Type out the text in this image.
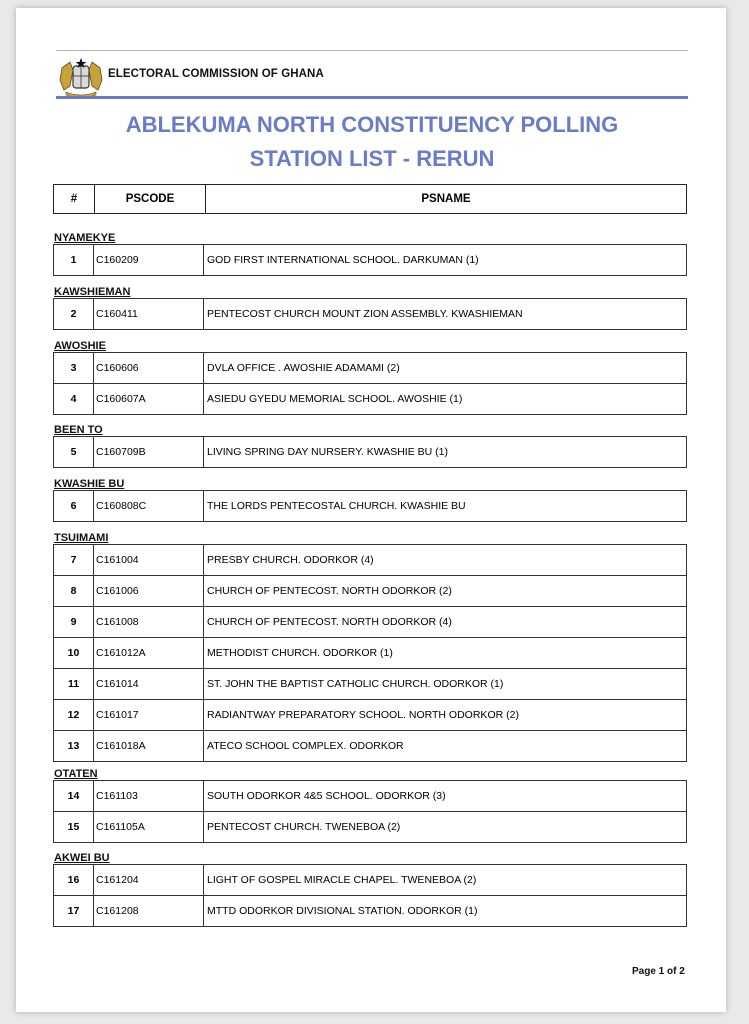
ELECTORAL COMMISSION OF GHANA
ABLEKUMA NORTH CONSTITUENCY POLLING
STATION LIST - RERUN
#	PSCODE	PSNAME
NYAMEKYE
1	C160209	GOD FIRST INTERNATIONAL SCHOOL. DARKUMAN (1)
KAWSHIEMAN
2	C160411	PENTECOST CHURCH MOUNT ZION ASSEMBLY. KWASHIEMAN
AWOSHIE
3	C160606	DVLA OFFICE . AWOSHIE ADAMAMI (2)
4	C160607A	ASIEDU GYEDU MEMORIAL SCHOOL. AWOSHIE (1)
BEEN TO
5	C160709B	LIVING SPRING DAY NURSERY. KWASHIE BU (1)
KWASHIE BU
6	C160808C	THE LORDS PENTECOSTAL CHURCH. KWASHIE BU
TSUIMAMI
7	C161004	PRESBY CHURCH. ODORKOR (4)
8	C161006	CHURCH OF PENTECOST. NORTH ODORKOR (2)
9	C161008	CHURCH OF PENTECOST. NORTH ODORKOR (4)
10	C161012A	METHODIST CHURCH. ODORKOR (1)
11	C161014	ST. JOHN THE BAPTIST CATHOLIC CHURCH. ODORKOR (1)
12	C161017	RADIANTWAY PREPARATORY SCHOOL. NORTH ODORKOR (2)
13	C161018A	ATECO SCHOOL COMPLEX. ODORKOR
OTATEN
14	C161103	SOUTH ODORKOR 4&5 SCHOOL. ODORKOR (3)
15	C161105A	PENTECOST CHURCH. TWENEBOA (2)
AKWEI BU
16	C161204	LIGHT OF GOSPEL MIRACLE CHAPEL. TWENEBOA (2)
17	C161208	MTTD ODORKOR DIVISIONAL STATION. ODORKOR (1)
Page 1 of 2
